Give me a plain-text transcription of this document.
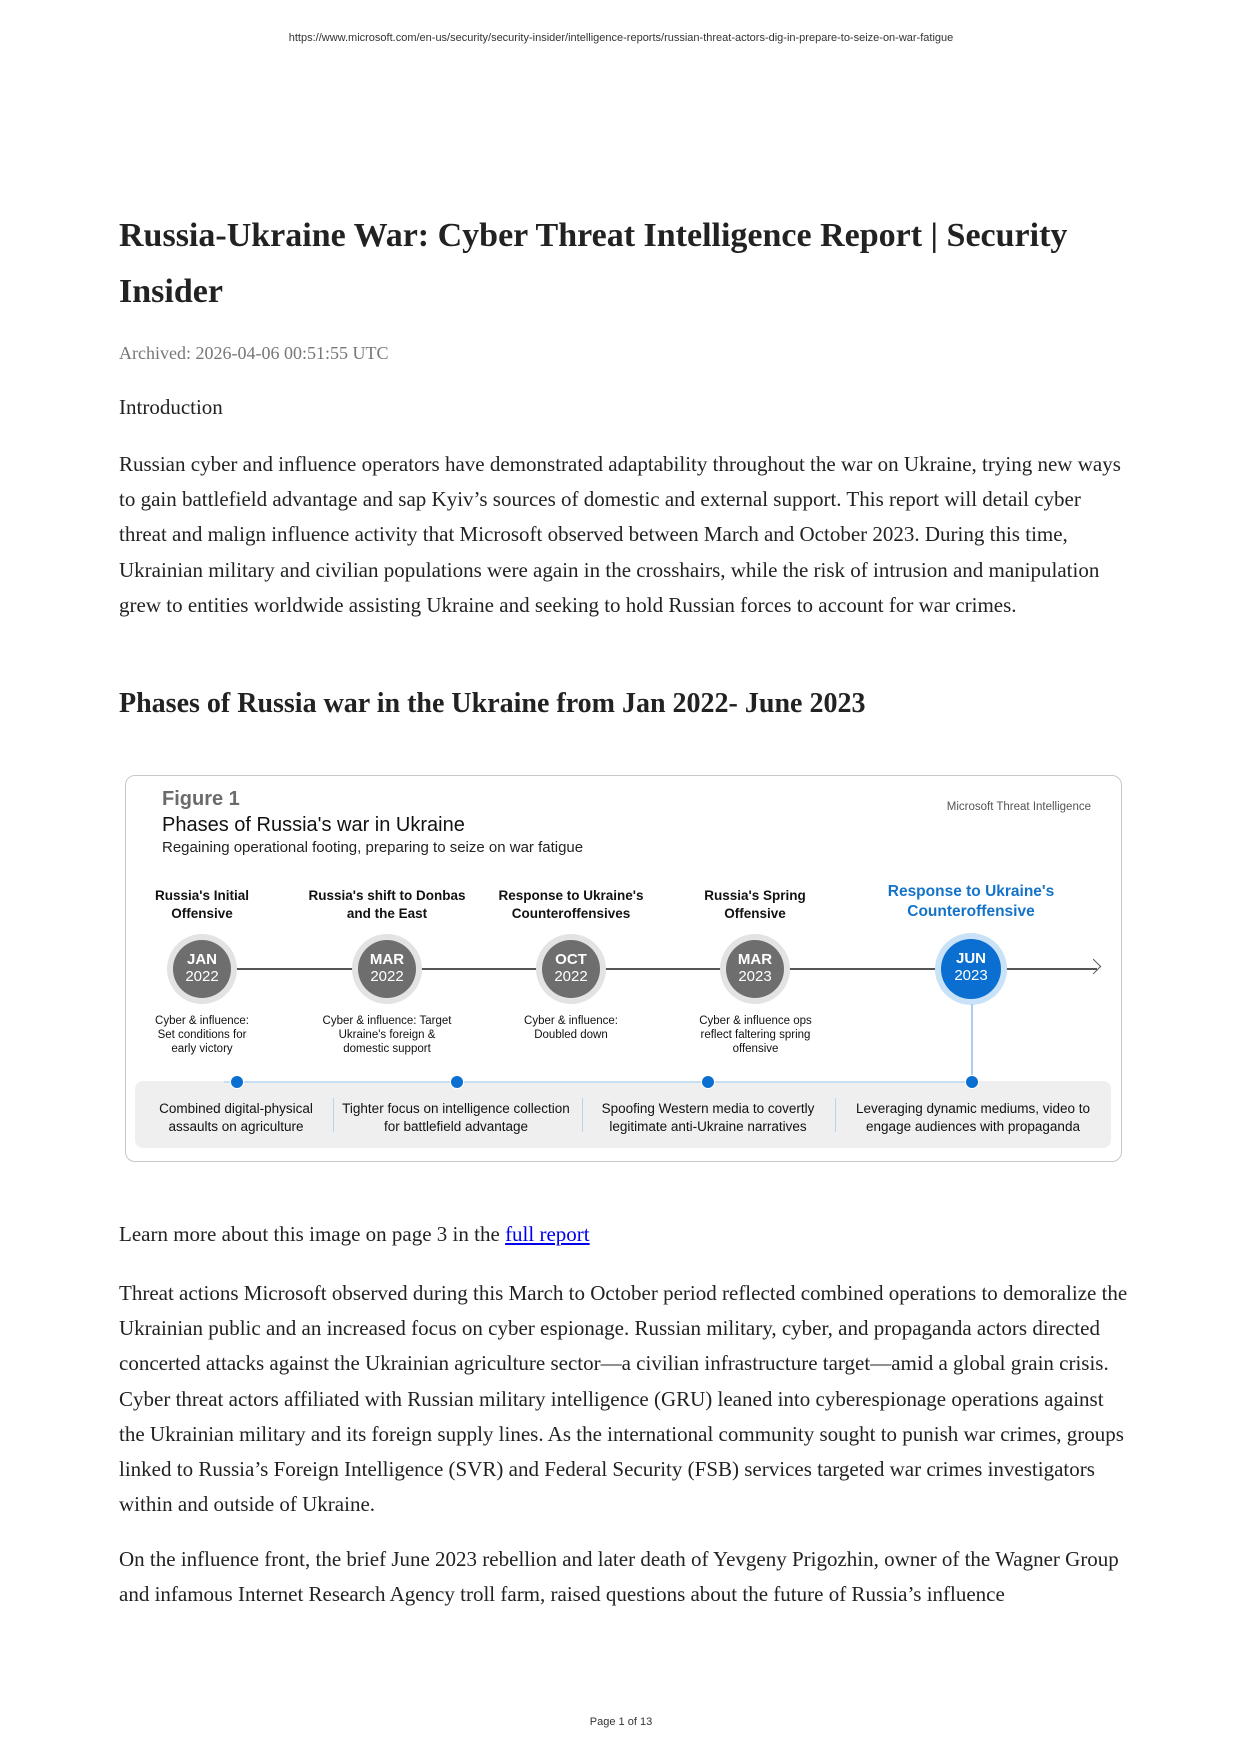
https://www.microsoft.com/en-us/security/security-insider/intelligence-reports/russian-threat-actors-dig-in-prepare-to-seize-on-war-fatigue
Russia-Ukraine War: Cyber Threat Intelligence Report | Security Insider
Archived: 2026-04-06 00:51:55 UTC
Introduction

Russian cyber and influence operators have demonstrated adaptability throughout the war on Ukraine, trying new ways to gain battlefield advantage and sap Kyiv’s sources of domestic and external support. This report will detail cyber threat and malign influence activity that Microsoft observed between March and October 2023. During this time, Ukrainian military and civilian populations were again in the crosshairs, while the risk of intrusion and manipulation grew to entities worldwide assisting Ukraine and seeking to hold Russian forces to account for war crimes.

Phases of Russia war in the Ukraine from Jan 2022- June 2023
Figure 1
Phases of Russia's war in Ukraine
Regaining operational footing, preparing to seize on war fatigue
Microsoft Threat Intelligence
Russia's Initial Offensive
Russia's shift to Donbas and the East
Response to Ukraine's Counteroffensives
Russia's Spring Offensive
Response to Ukraine's Counteroffensive
JAN
2022
MAR
2022
OCT
2022
MAR
2023
JUN
2023
Cyber & influence: Set conditions for early victory
Cyber & influence: Target Ukraine's foreign & domestic support
Cyber & influence: Doubled down
Cyber & influence ops reflect faltering spring offensive
Combined digital-physical assaults on agriculture
Tighter focus on intelligence collection for battlefield advantage
Spoofing Western media to covertly legitimate anti-Ukraine narratives
Leveraging dynamic mediums, video to engage audiences with propaganda
Learn more about this image on page 3 in the full report

Threat actions Microsoft observed during this March to October period reflected combined operations to demoralize the Ukrainian public and an increased focus on cyber espionage. Russian military, cyber, and propaganda actors directed concerted attacks against the Ukrainian agriculture sector—a civilian infrastructure target—amid a global grain crisis. Cyber threat actors affiliated with Russian military intelligence (GRU) leaned into cyberespionage operations against the Ukrainian military and its foreign supply lines. As the international community sought to punish war crimes, groups linked to Russia’s Foreign Intelligence (SVR) and Federal Security (FSB) services targeted war crimes investigators within and outside of Ukraine.

On the influence front, the brief June 2023 rebellion and later death of Yevgeny Prigozhin, owner of the Wagner Group and infamous Internet Research Agency troll farm, raised questions about the future of Russia’s influence

Page 1 of 13
